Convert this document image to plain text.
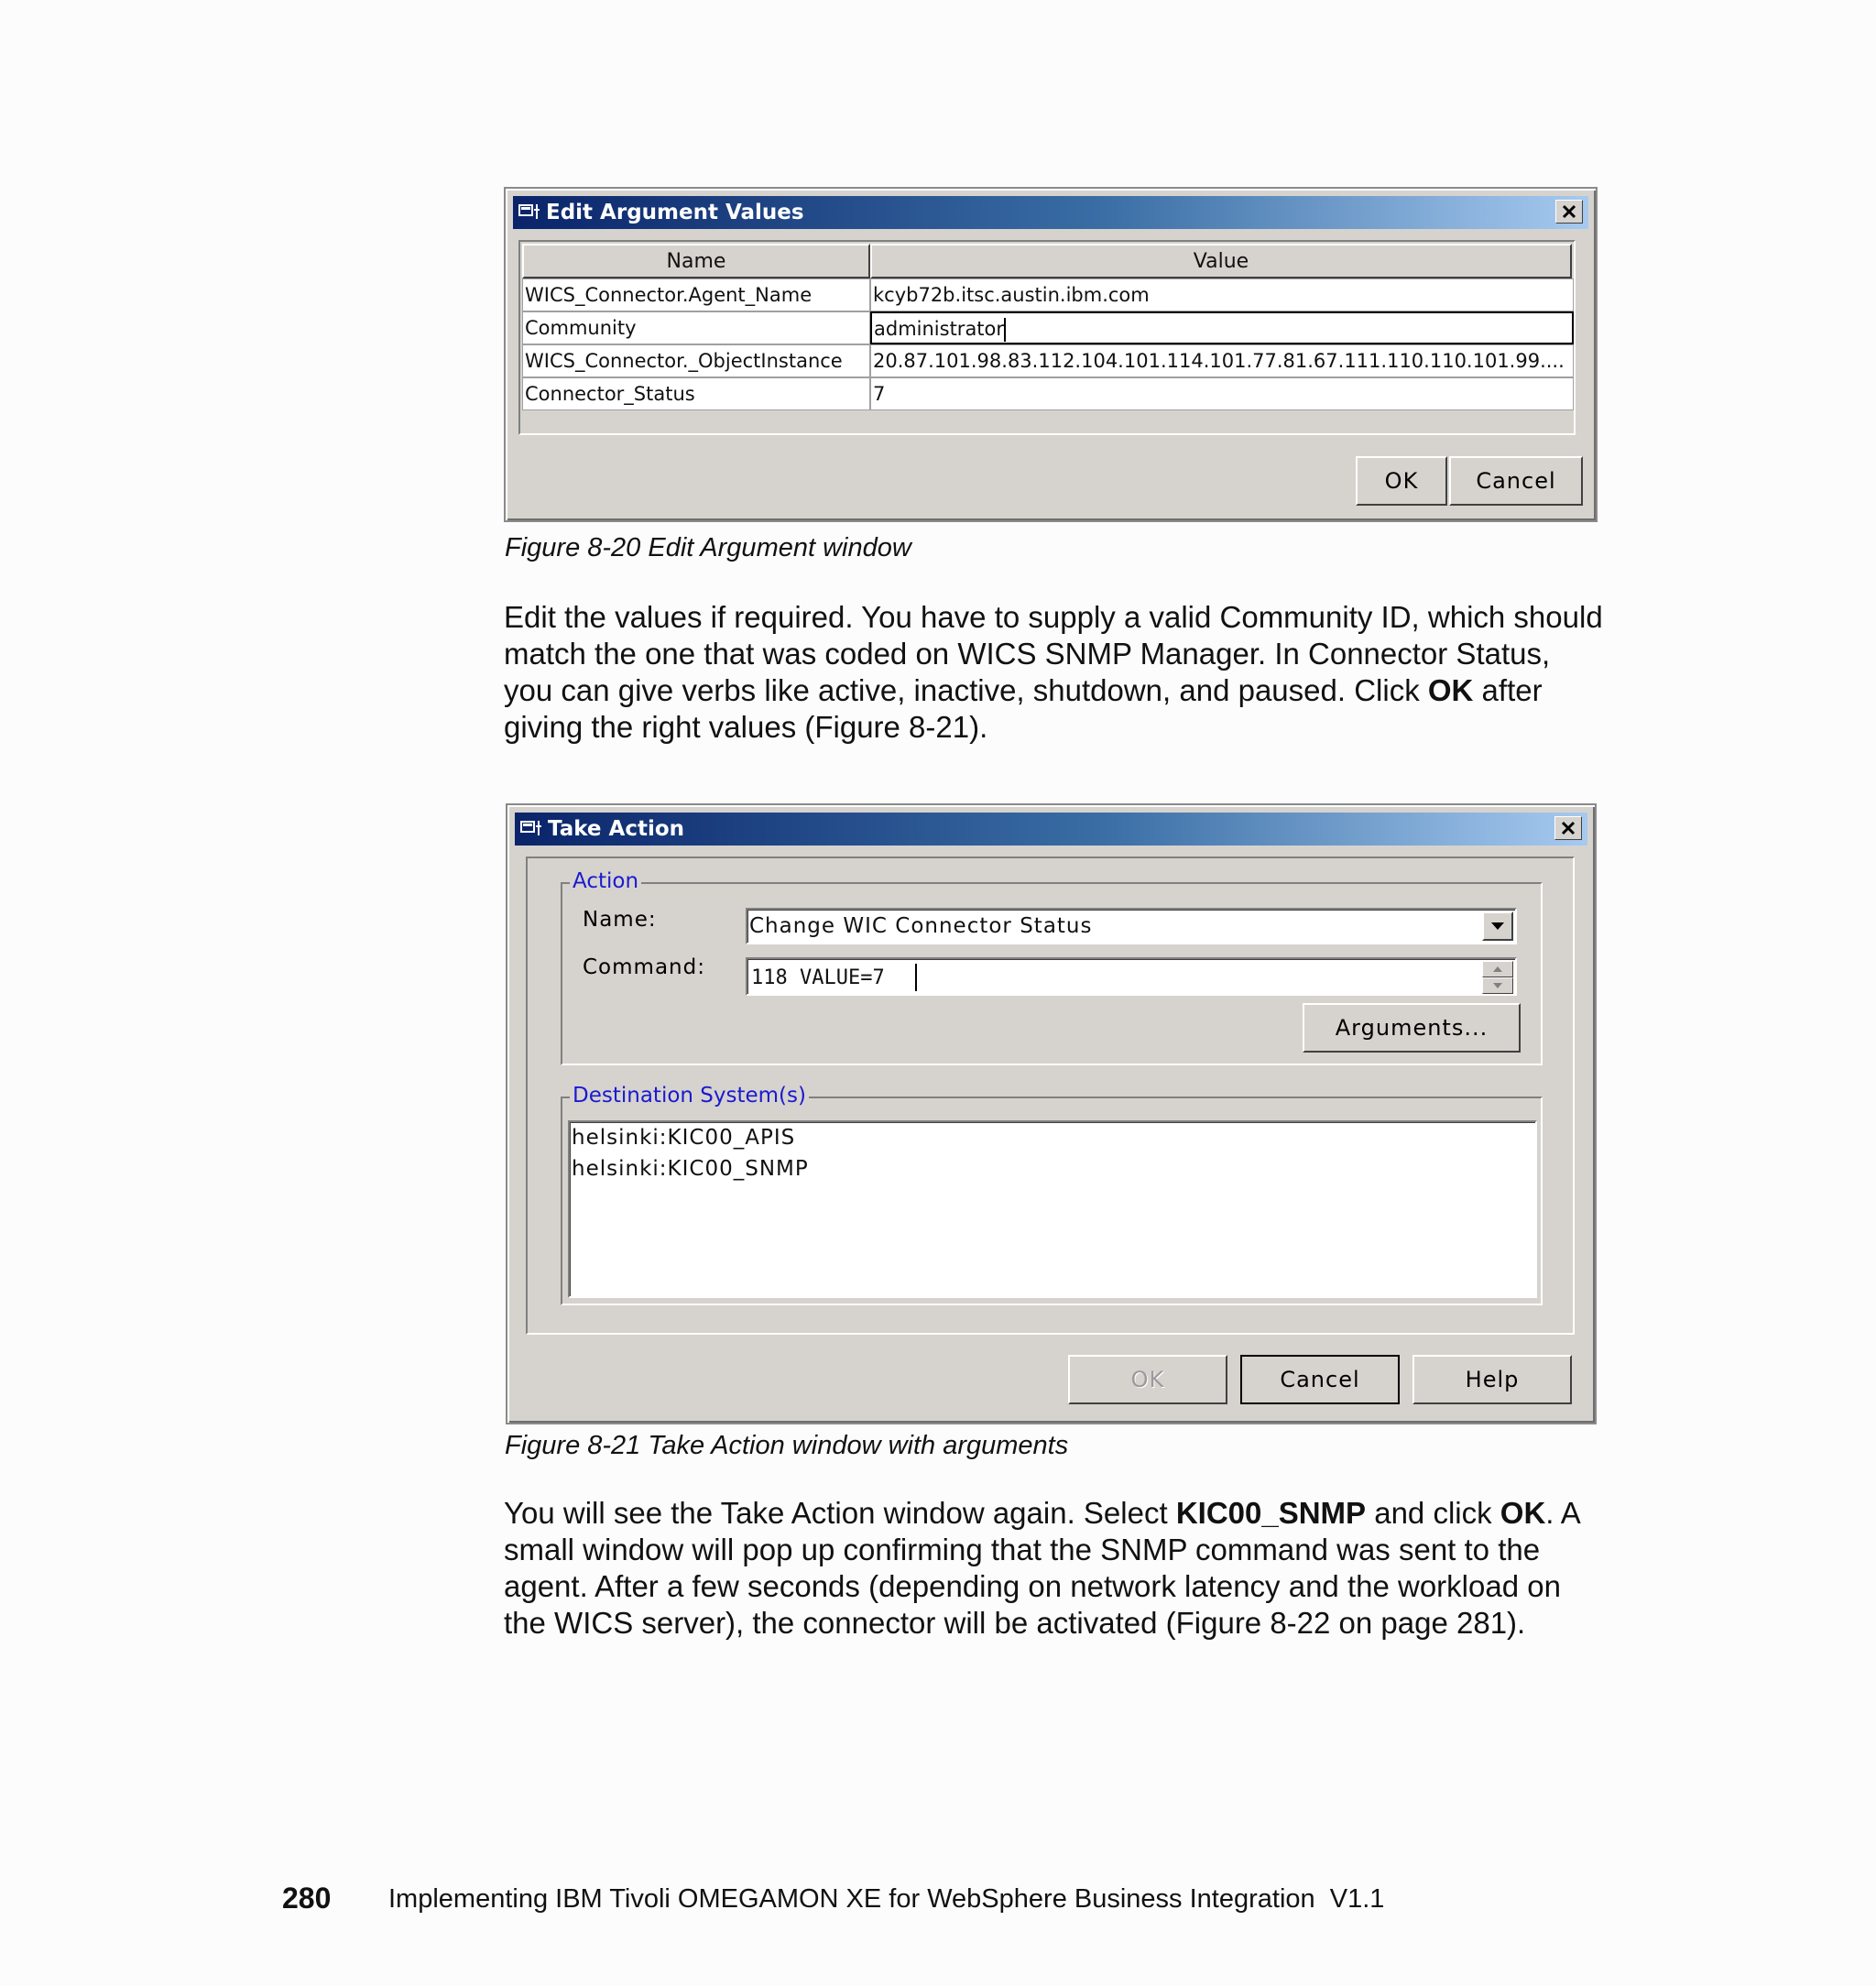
Edit Argument Values
Name	Value
WICS_Connector.Agent_Name	kcyb72b.itsc.austin.ibm.com
Community	administrator
WICS_Connector._ObjectInstance	20.87.101.98.83.112.104.101.114.101.77.81.67.111.110.110.101.99....
Connector_Status	7
OK	Cancel
Figure 8-20 Edit Argument window
Edit the values if required. You have to supply a valid Community ID, which should match the one that was coded on WICS SNMP Manager. In Connector Status, you can give verbs like active, inactive, shutdown, and paused. Click OK after giving the right values (Figure 8-21).
Take Action
Action
Name:	Change WIC Connector Status
Command: 118 VALUE=7
Arguments...
Destination System(s)
helsinki:KIC00_APIS
helsinki:KIC00_SNMP
OK	Cancel	Help
Figure 8-21 Take Action window with arguments
You will see the Take Action window again. Select KIC00_SNMP and click OK. A small window will pop up confirming that the SNMP command was sent to the agent. After a few seconds (depending on network latency and the workload on the WICS server), the connector will be activated (Figure 8-22 on page 281).
280 Implementing IBM Tivoli OMEGAMON XE for WebSphere Business Integration  V1.1
